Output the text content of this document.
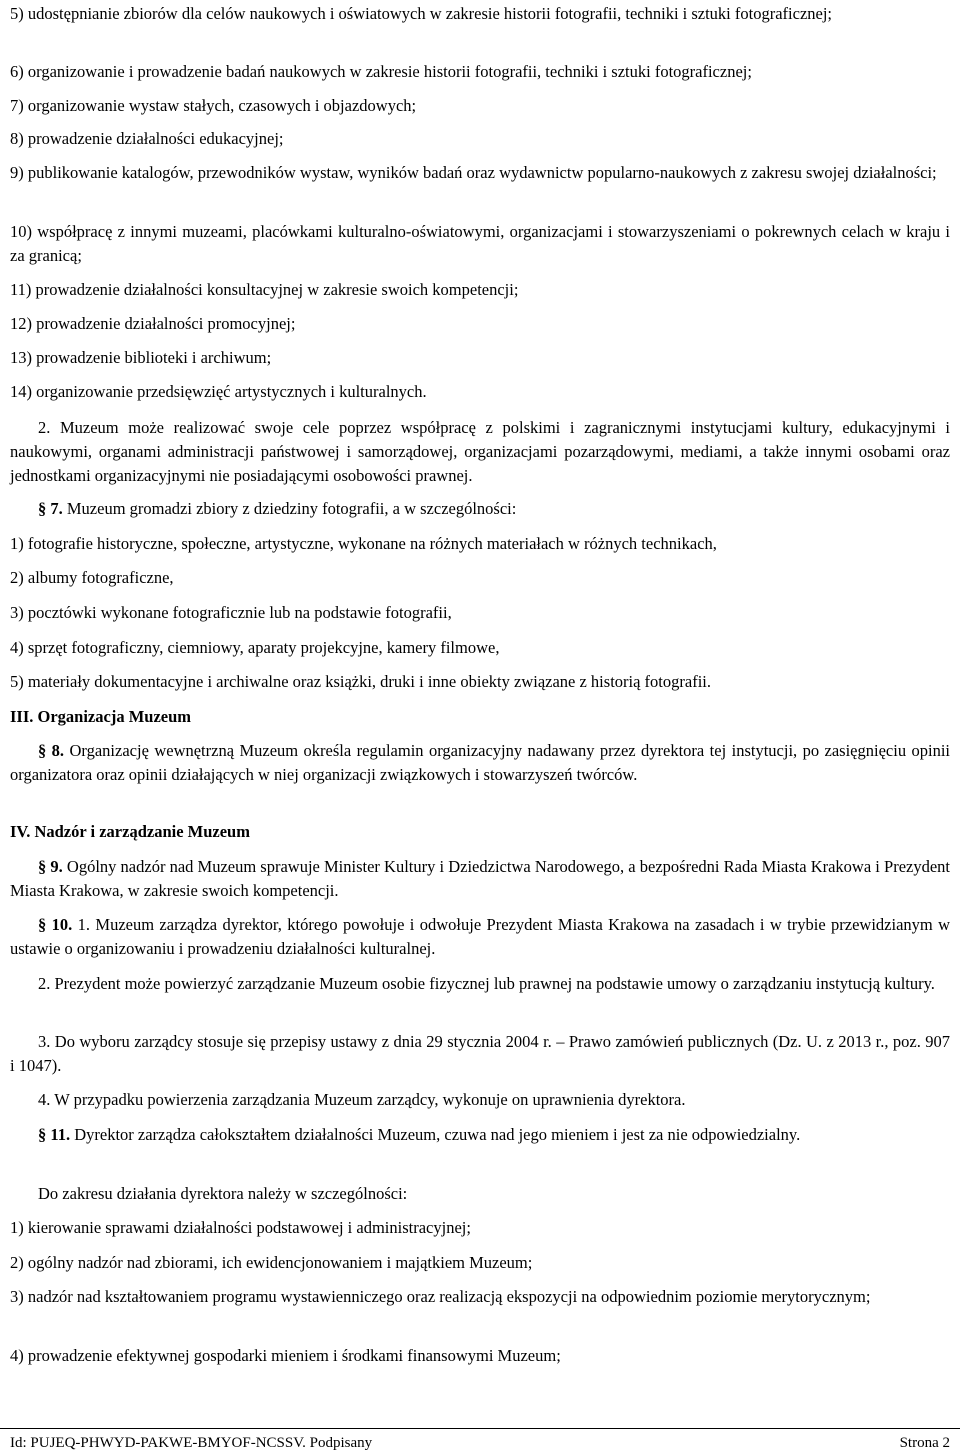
5) udostępnianie zbiorów dla celów naukowych i oświatowych w zakresie historii fotografii, techniki i sztuki fotograficznej;

6) organizowanie i prowadzenie badań naukowych w zakresie historii fotografii, techniki i sztuki fotograficznej;

7) organizowanie wystaw stałych, czasowych i objazdowych;

8) prowadzenie działalności edukacyjnej;

9) publikowanie katalogów, przewodników wystaw, wyników badań oraz wydawnictw popularno-naukowych z zakresu swojej działalności;

10) współpracę z innymi muzeami, placówkami kulturalno-oświatowymi, organizacjami i stowarzyszeniami o pokrewnych celach w kraju i za granicą;

11) prowadzenie działalności konsultacyjnej w zakresie swoich kompetencji;

12) prowadzenie działalności promocyjnej;

13) prowadzenie biblioteki i archiwum;

14) organizowanie przedsięwzięć artystycznych i kulturalnych.

2. Muzeum może realizować swoje cele poprzez współpracę z polskimi i zagranicznymi instytucjami kultury, edukacyjnymi i naukowymi, organami administracji państwowej i samorządowej, organizacjami pozarządowymi, mediami, a także innymi osobami oraz jednostkami organizacyjnymi nie posiadającymi osobowości prawnej.

§ 7. Muzeum gromadzi zbiory z dziedziny fotografii, a w szczególności:

1) fotografie historyczne, społeczne, artystyczne, wykonane na różnych materiałach w różnych technikach,

2) albumy fotograficzne,

3) pocztówki wykonane fotograficznie lub na podstawie fotografii,

4) sprzęt fotograficzny, ciemniowy, aparaty projekcyjne, kamery filmowe,

5) materiały dokumentacyjne i archiwalne oraz książki, druki i inne obiekty związane z historią fotografii.

III. Organizacja Muzeum

§ 8. Organizację wewnętrzną Muzeum określa regulamin organizacyjny nadawany przez dyrektora tej instytucji, po zasięgnięciu opinii organizatora oraz opinii działających w niej organizacji związkowych i stowarzyszeń twórców.

IV. Nadzór i zarządzanie Muzeum

§ 9. Ogólny nadzór nad Muzeum sprawuje Minister Kultury i Dziedzictwa Narodowego, a bezpośredni Rada Miasta Krakowa i Prezydent Miasta Krakowa, w zakresie swoich kompetencji.

§ 10. 1. Muzeum zarządza dyrektor, którego powołuje i odwołuje Prezydent Miasta Krakowa na zasadach i w trybie przewidzianym w ustawie o organizowaniu i prowadzeniu działalności kulturalnej.

2. Prezydent może powierzyć zarządzanie Muzeum osobie fizycznej lub prawnej na podstawie umowy o zarządzaniu instytucją kultury.

3. Do wyboru zarządcy stosuje się przepisy ustawy z dnia 29 stycznia 2004 r. – Prawo zamówień publicznych (Dz. U. z 2013 r., poz. 907 i 1047).

4. W przypadku powierzenia zarządzania Muzeum zarządcy, wykonuje on uprawnienia dyrektora.

§ 11. Dyrektor zarządza całokształtem działalności Muzeum, czuwa nad jego mieniem i jest za nie odpowiedzialny.

Do zakresu działania dyrektora należy w szczególności:

1) kierowanie sprawami działalności podstawowej i administracyjnej;

2) ogólny nadzór nad zbiorami, ich ewidencjonowaniem i majątkiem Muzeum;

3) nadzór nad kształtowaniem programu wystawienniczego oraz realizacją ekspozycji na odpowiednim poziomie merytorycznym;

4) prowadzenie efektywnej gospodarki mieniem i środkami finansowymi Muzeum;

Id: PUJEQ-PHWYD-PAKWE-BMYOF-NCSSV. Podpisany	Strona 2
